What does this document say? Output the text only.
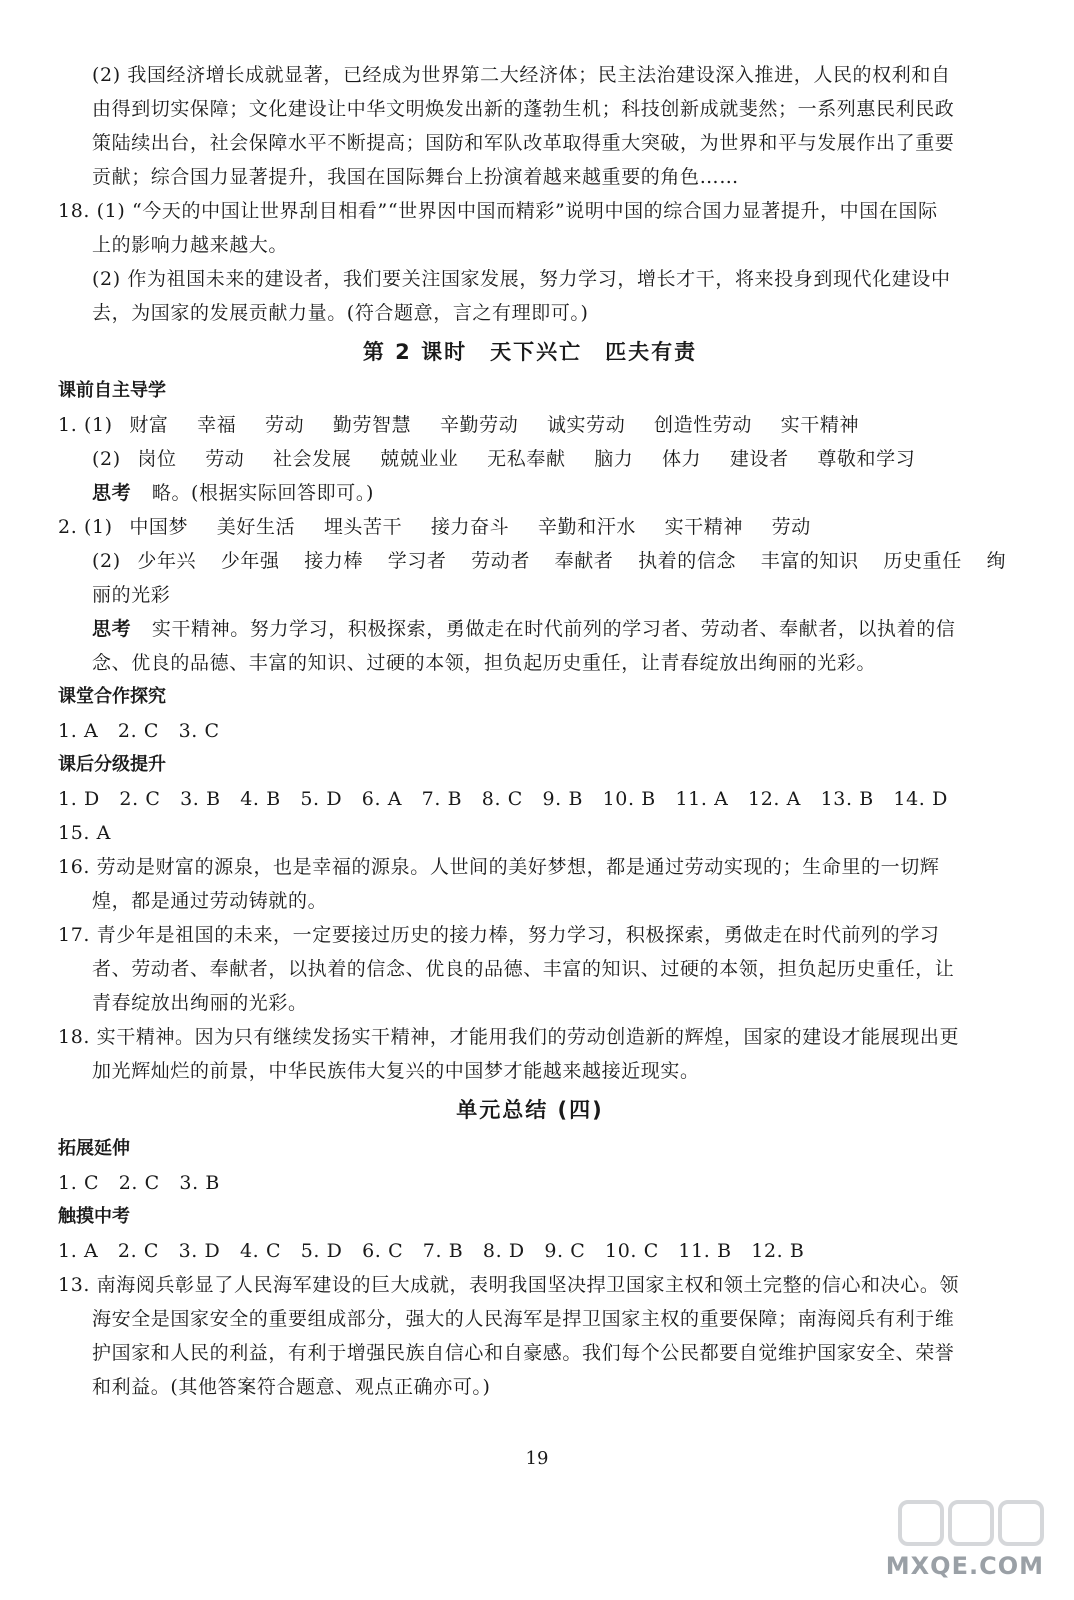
(2) 我国经济增长成就显著，已经成为世界第二大经济体；民主法治建设深入推进，人民的权利和自
由得到切实保障；文化建设让中华文明焕发出新的蓬勃生机；科技创新成就斐然；一系列惠民利民政
策陆续出台，社会保障水平不断提高；国防和军队改革取得重大突破，为世界和平与发展作出了重要
贡献；综合国力显著提升，我国在国际舞台上扮演着越来越重要的角色……
18. (1) “今天的中国让世界刮目相看”“世界因中国而精彩”说明中国的综合国力显著提升，中国在国际
上的影响力越来越大。
(2) 作为祖国未来的建设者，我们要关注国家发展，努力学习，增长才干，将来投身到现代化建设中
去，为国家的发展贡献力量。(符合题意，言之有理即可。)
第 2 课时　天下兴亡　匹夫有责
课前自主导学
1. (1) 财富 幸福 劳动 勤劳智慧 辛勤劳动 诚实劳动 创造性劳动 实干精神
(2) 岗位 劳动 社会发展 兢兢业业 无私奉献 脑力 体力 建设者 尊敬和学习
思考 略。(根据实际回答即可。)
2. (1) 中国梦 美好生活 埋头苦干 接力奋斗 辛勤和汗水 实干精神 劳动
(2) 少年兴 少年强 接力棒 学习者 劳动者 奉献者 执着的信念 丰富的知识 历史重任 绚
丽的光彩
思考 实干精神。努力学习，积极探索，勇做走在时代前列的学习者、劳动者、奉献者，以执着的信
念、优良的品德、丰富的知识、过硬的本领，担负起历史重任，让青春绽放出绚丽的光彩。
课堂合作探究
1. A　2. C　3. C
课后分级提升
1. D　2. C　3. B　4. B　5. D　6. A　7. B　8. C　9. B　10. B　11. A　12. A　13. B　14. D
15. A
16. 劳动是财富的源泉，也是幸福的源泉。人世间的美好梦想，都是通过劳动实现的；生命里的一切辉
煌，都是通过劳动铸就的。
17. 青少年是祖国的未来，一定要接过历史的接力棒，努力学习，积极探索，勇做走在时代前列的学习
者、劳动者、奉献者，以执着的信念、优良的品德、丰富的知识、过硬的本领，担负起历史重任，让
青春绽放出绚丽的光彩。
18. 实干精神。因为只有继续发扬实干精神，才能用我们的劳动创造新的辉煌，国家的建设才能展现出更
加光辉灿烂的前景，中华民族伟大复兴的中国梦才能越来越接近现实。
单元总结 (四)
拓展延伸
1. C　2. C　3. B
触摸中考
1. A　2. C　3. D　4. C　5. D　6. C　7. B　8. D　9. C　10. C　11. B　12. B
13. 南海阅兵彰显了人民海军建设的巨大成就，表明我国坚决捍卫国家主权和领土完整的信心和决心。领
海安全是国家安全的重要组成部分，强大的人民海军是捍卫国家主权的重要保障；南海阅兵有利于维
护国家和人民的利益，有利于增强民族自信心和自豪感。我们每个公民都要自觉维护国家安全、荣誉
和利益。(其他答案符合题意、观点正确亦可。)
19
MXQE.COM
